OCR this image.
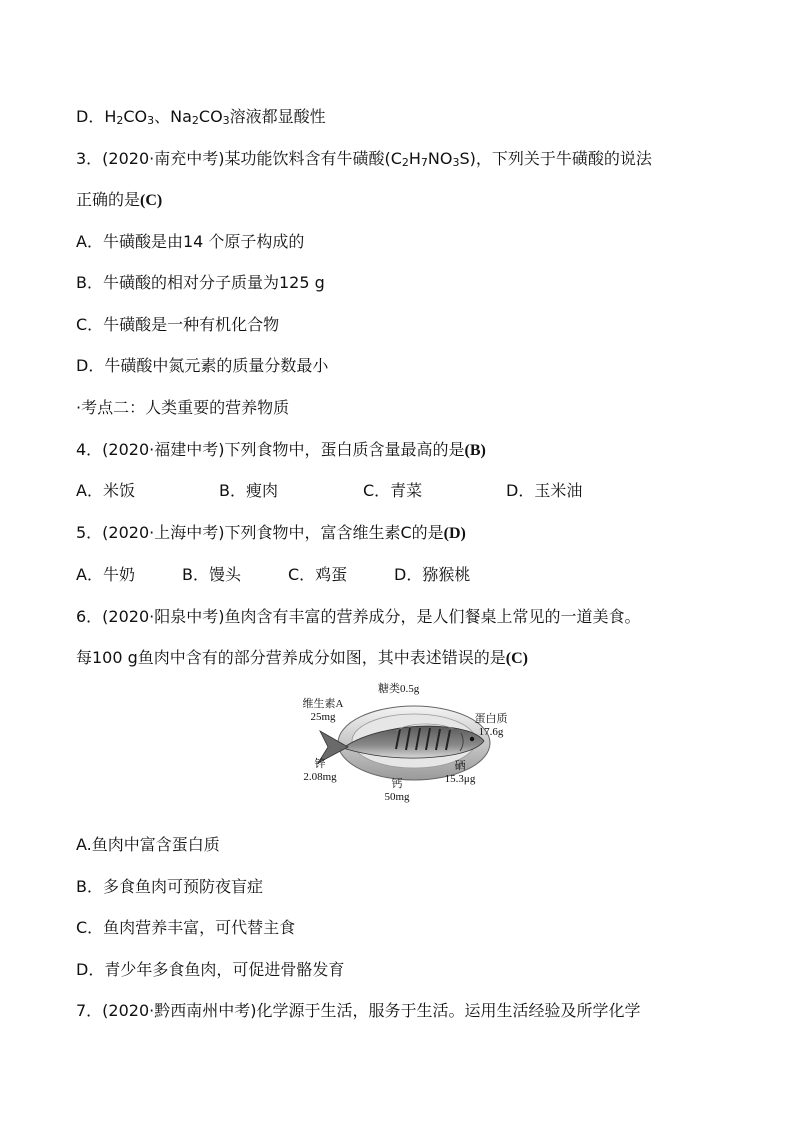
D．$H_2CO_3$、$Na_2CO_3$溶液都显酸性
3．(2020·南充中考)某功能饮料含有牛磺酸$(C_2H_7NO_3S)$，下列关于牛磺酸的说法
正确的是(C)
A．牛磺酸是由14 个原子构成的
B．牛磺酸的相对分子质量为125 g
C．牛磺酸是一种有机化合物
D．牛磺酸中氮元素的质量分数最小
·考点二：人类重要的营养物质
4．(2020·福建中考)下列食物中，蛋白质含量最高的是(B)
A．米饭	B．瘦肉	C．青菜	D．玉米油
5．(2020·上海中考)下列食物中，富含维生素C的是(D)
A．牛奶	B．馒头	C．鸡蛋	D．猕猴桃
6．(2020·阳泉中考)鱼肉含有丰富的营养成分，是人们餐桌上常见的一道美食。
每100 g鱼肉中含有的部分营养成分如图，其中表述错误的是(C)
糖类0.5g
维生素A
25mg	蛋白质
17.6g
锌
2.08mg
硒
15.3μg
钙
50mg
A.鱼肉中富含蛋白质
B．多食鱼肉可预防夜盲症
C．鱼肉营养丰富，可代替主食
D．青少年多食鱼肉，可促进骨骼发育
7．(2020·黔西南州中考)化学源于生活，服务于生活。运用生活经验及所学化学
